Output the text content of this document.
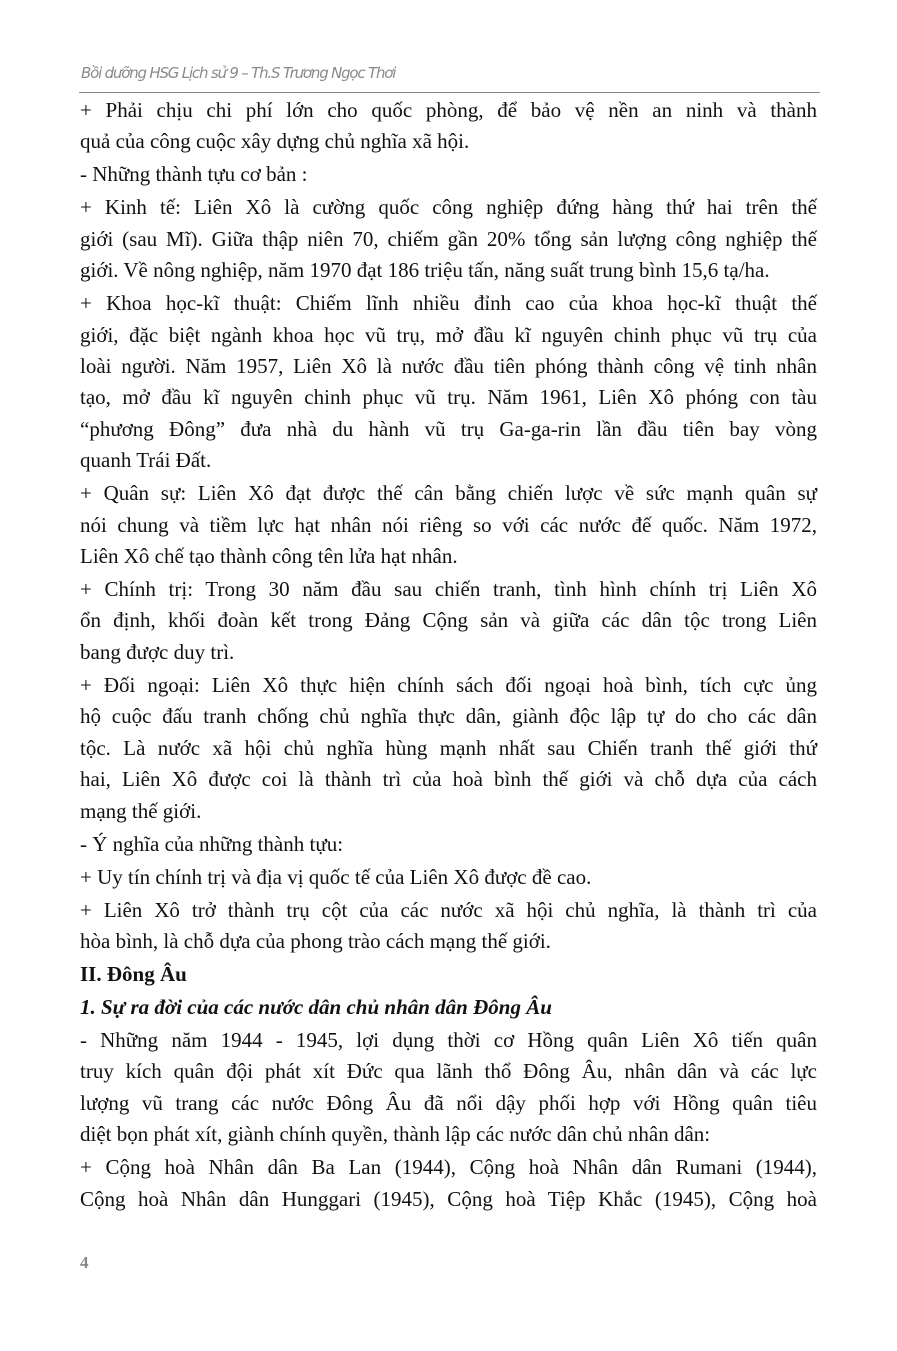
Bồi dưỡng HSG Lịch sử 9 – Th.S Trương Ngọc Thơi
+ Phải chịu chi phí lớn cho quốc phòng, để bảo vệ nền an ninh và thành
quả của công cuộc xây dựng chủ nghĩa xã hội.
- Những thành tựu cơ bản :
+ Kinh tế: Liên Xô là cường quốc công nghiệp đứng hàng thứ hai trên thế
giới (sau Mĩ). Giữa thập niên 70, chiếm gần 20% tổng sản lượng công nghiệp thế
giới. Về nông nghiệp, năm 1970 đạt 186 triệu tấn, năng suất trung bình 15,6 tạ/ha.
+ Khoa học-kĩ thuật: Chiếm lĩnh nhiều đỉnh cao của khoa học-kĩ thuật thế
giới, đặc biệt ngành khoa học vũ trụ, mở đầu kĩ nguyên chinh phục vũ trụ của
loài người. Năm 1957, Liên Xô là nước đầu tiên phóng thành công vệ tinh nhân
tạo, mở đầu kĩ nguyên chinh phục vũ trụ. Năm 1961, Liên Xô phóng con tàu
“phương Đông” đưa nhà du hành vũ trụ Ga-ga-rin lần đầu tiên bay vòng
quanh Trái Đất.
+ Quân sự: Liên Xô đạt được thế cân bằng chiến lược về sức mạnh quân sự
nói chung và tiềm lực hạt nhân nói riêng so với các nước đế quốc. Năm 1972,
Liên Xô chế tạo thành công tên lửa hạt nhân.
+ Chính trị: Trong 30 năm đầu sau chiến tranh, tình hình chính trị Liên Xô
ổn định, khối đoàn kết trong Đảng Cộng sản và giữa các dân tộc trong Liên
bang được duy trì.
+ Đối ngoại: Liên Xô thực hiện chính sách đối ngoại hoà bình, tích cực ủng
hộ cuộc đấu tranh chống chủ nghĩa thực dân, giành độc lập tự do cho các dân
tộc. Là nước xã hội chủ nghĩa hùng mạnh nhất sau Chiến tranh thế giới thứ
hai, Liên Xô được coi là thành trì của hoà bình thế giới và chỗ dựa của cách
mạng thế giới.
- Ý nghĩa của những thành tựu:
+ Uy tín chính trị và địa vị quốc tế của Liên Xô được đề cao.
+ Liên Xô trở thành trụ cột của các nước xã hội chủ nghĩa, là thành trì của
hòa bình, là chỗ dựa của phong trào cách mạng thế giới.
II. Đông Âu
1. Sự ra đời của các nước dân chủ nhân dân Đông Âu
- Những năm 1944 - 1945, lợi dụng thời cơ Hồng quân Liên Xô tiến quân
truy kích quân đội phát xít Đức qua lãnh thổ Đông Âu, nhân dân và các lực
lượng vũ trang các nước Đông Âu đã nổi dậy phối hợp với Hồng quân tiêu
diệt bọn phát xít, giành chính quyền, thành lập các nước dân chủ nhân dân:
+ Cộng hoà Nhân dân Ba Lan (1944), Cộng hoà Nhân dân Rumani (1944),
Cộng hoà Nhân dân Hunggari (1945), Cộng hoà Tiệp Khắc (1945), Cộng hoà
4
